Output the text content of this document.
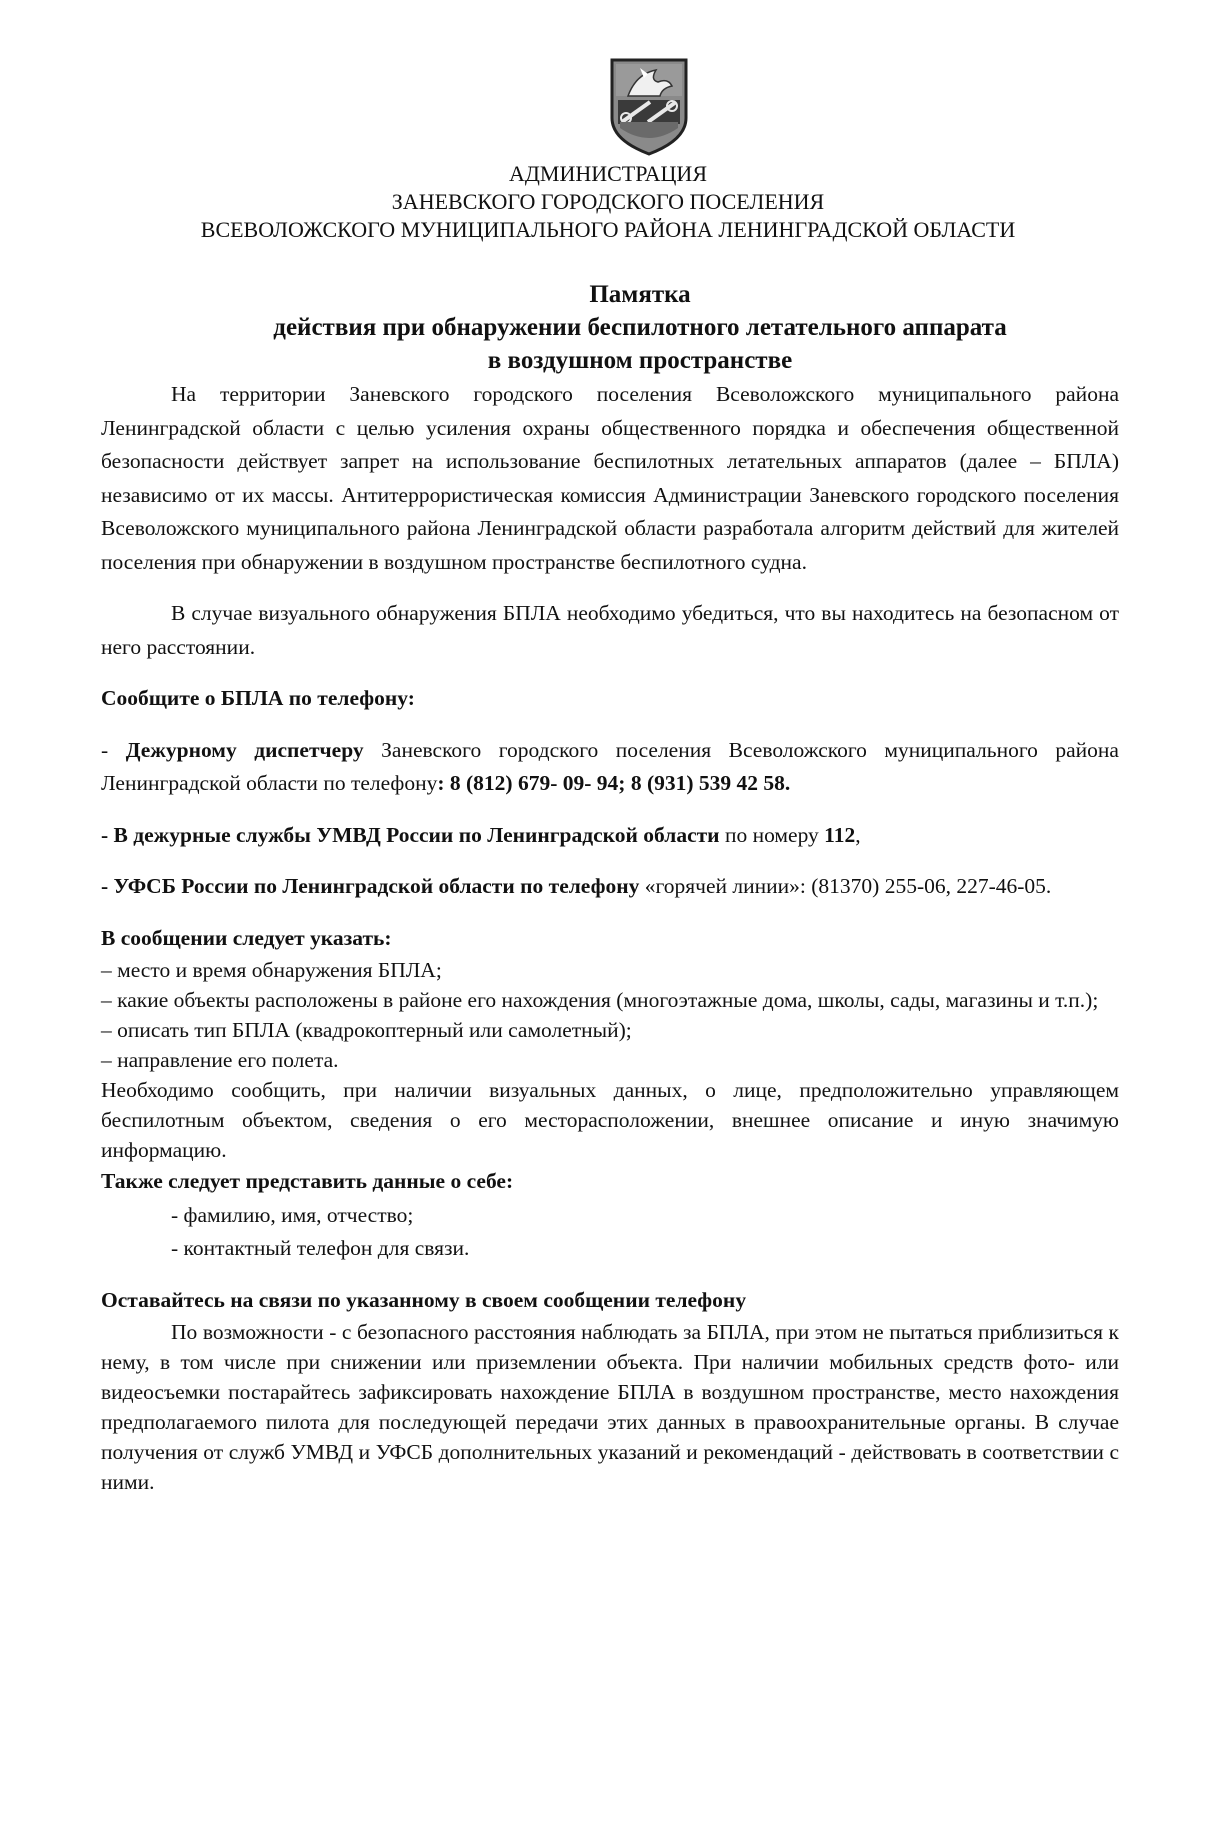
АДМИНИСТРАЦИЯ
ЗАНЕВСКОГО ГОРОДСКОГО ПОСЕЛЕНИЯ
ВСЕВОЛОЖСКОГО МУНИЦИПАЛЬНОГО РАЙОНА ЛЕНИНГРАДСКОЙ ОБЛАСТИ
Памятка
действия при обнаружении беспилотного летательного аппарата
в воздушном пространстве
На территории Заневского городского поселения Всеволожского муниципального района Ленинградской области с целью усиления охраны общественного порядка и обеспечения общественной безопасности действует запрет на использование беспилотных летательных аппаратов (далее – БПЛА) независимо от их массы. Антитеррористическая комиссия Администрации Заневского городского поселения Всеволожского муниципального района Ленинградской области разработала алгоритм действий для жителей поселения при обнаружении в воздушном пространстве беспилотного судна.
В случае визуального обнаружения БПЛА необходимо убедиться, что вы находитесь на безопасном от него расстоянии.
Сообщите о БПЛА по телефону:
- Дежурному диспетчеру Заневского городского поселения Всеволожского муниципального района Ленинградской области по телефону: 8 (812) 679- 09- 94; 8 (931) 539 42 58.
- В дежурные службы УМВД России по Ленинградской области по номеру 112,
- УФСБ России по Ленинградской области по телефону «горячей линии»: (81370) 255-06, 227-46-05.
В сообщении следует указать:
– место и время обнаружения БПЛА;
– какие объекты расположены в районе его нахождения (многоэтажные дома, школы, сады, магазины и т.п.);
– описать тип БПЛА (квадрокоптерный или самолетный);
– направление его полета.
Необходимо сообщить, при наличии визуальных данных, о лице, предположительно управляющем беспилотным объектом, сведения о его месторасположении, внешнее описание и иную значимую информацию.
Также следует представить данные о себе:
- фамилию, имя, отчество;
- контактный телефон для связи.
Оставайтесь на связи по указанному в своем сообщении телефону
По возможности - с безопасного расстояния наблюдать за БПЛА, при этом не пытаться приблизиться к нему, в том числе при снижении или приземлении объекта. При наличии мобильных средств фото- или видеосъемки постарайтесь зафиксировать нахождение БПЛА в воздушном пространстве, место нахождения предполагаемого пилота для последующей передачи этих данных в правоохранительные органы. В случае получения от служб УМВД и УФСБ дополнительных указаний и рекомендаций - действовать в соответствии с ними.
